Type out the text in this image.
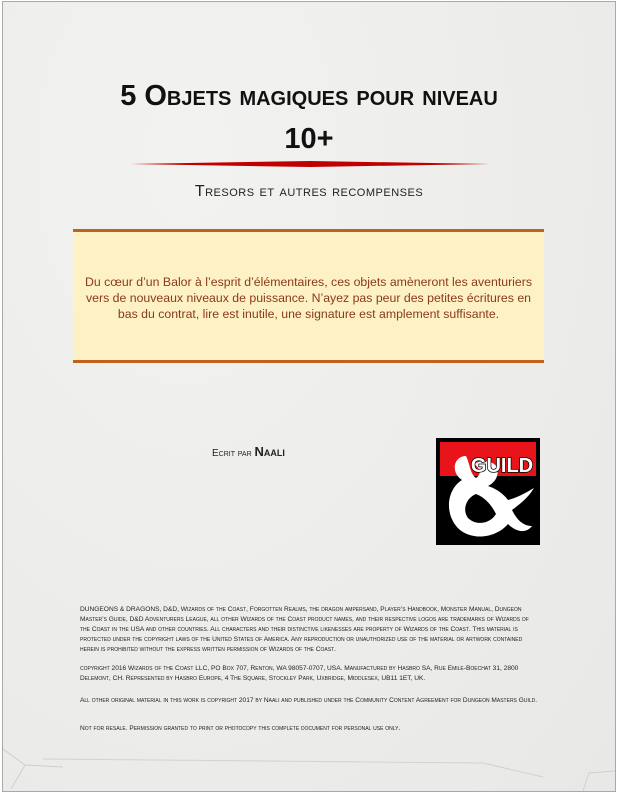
5 Objets magiques pour niveau
10+
Tresors et autres recompenses
Du cœur d’un Balor à l’esprit d’élémentaires, ces objets amèneront les aventuriers vers de nouveaux niveaux de puissance. N’ayez pas peur des petites écritures en bas du contrat, lire est inutile, une signature est amplement suffisante.
Ecrit par Naali
GUILD
DUNGEONS & DRAGONS, D&D, Wizards of the Coast, Forgotten Realms, the dragon ampersand, Player’s Handbook, Monster Manual, Dungeon Master’s Guide, D&D Adventurers League, all other Wizards of the Coast product names, and their respective logos are trademarks of Wizards of the Coast in the USA and other countries. All characters and their distinctive likenesses are property of Wizards of the Coast. This material is protected under the copyright laws of the United States of America. Any reproduction or unauthorized use of the material or artwork contained herein is prohibited without the express written permission of Wizards of the Coast.
copyright 2016 Wizards of the Coast LLC, PO Box 707, Renton, WA 98057-0707, USA. Manufactured by Hasbro SA, Rue Emile-Boechat 31, 2800 Delemont, CH. Represented by Hasbro Europe, 4 The Square, Stockley Park, Uxbridge, Middlesex, UB11 1ET, UK.
All other original material in this work is copyright 2017 by Naali and published under the Community Content Agreement for Dungeon Masters Guild.
Not for resale. Permission granted to print or photocopy this complete document for personal use only.
